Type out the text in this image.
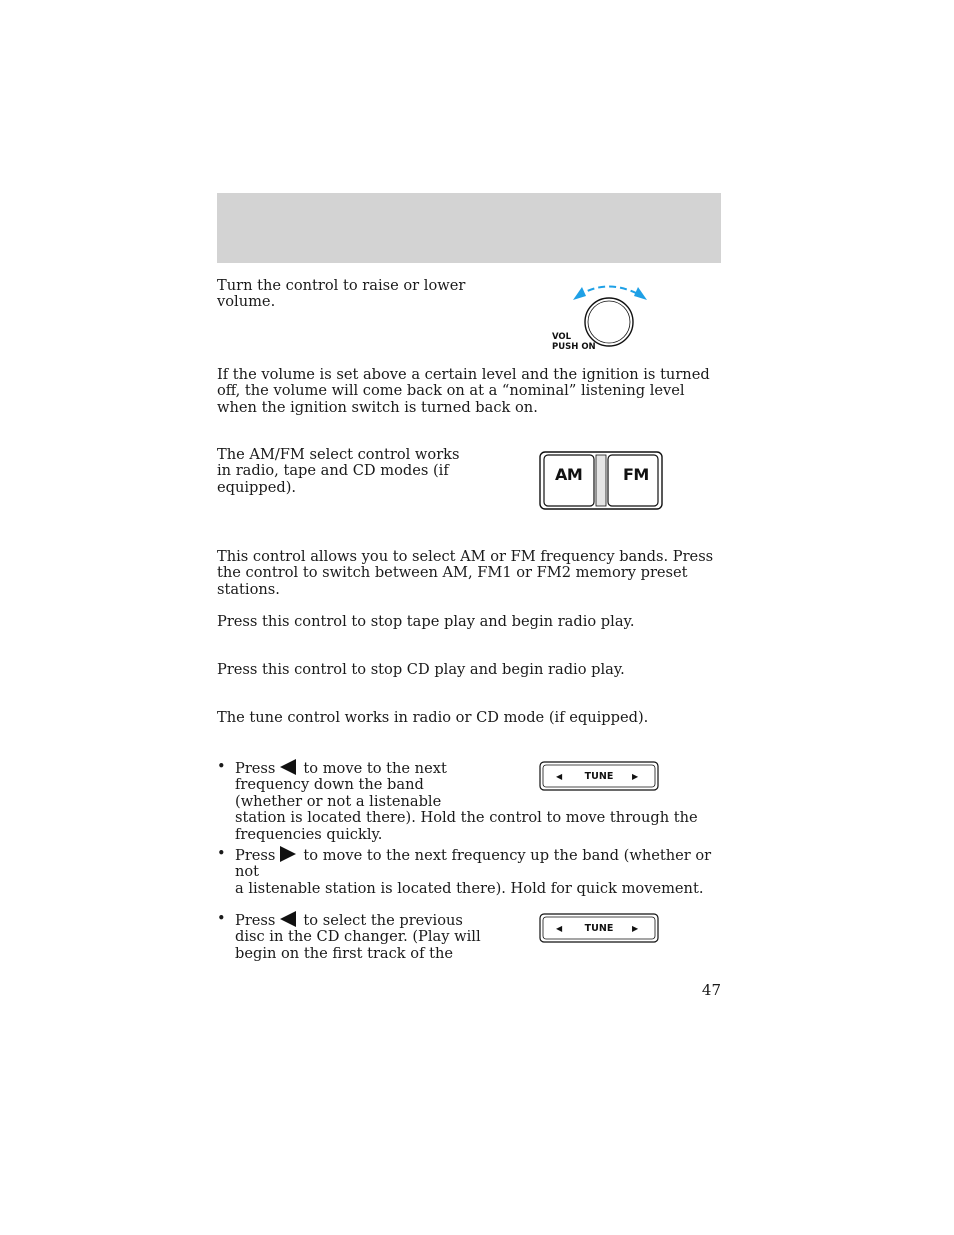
Turn the control to raise or lower volume.

VOL
PUSH ON

If the volume is set above a certain level and the ignition is turned off, the volume will come back on at a “nominal” listening level when the ignition switch is turned back on.

The AM/FM select control works in radio, tape and CD modes (if equipped).

AM	FM

This control allows you to select AM or FM frequency bands. Press the control to switch between AM, FM1 or FM2 memory preset stations.

Press this control to stop tape play and begin radio play.

Press this control to stop CD play and begin radio play.

The tune control works in radio or CD mode (if equipped).

• Press to move to the next
frequency down the band
(whether or not a listenable
station is located there). Hold the control to move through the
frequencies quickly.
◀	TUNE	▶
• Press to move to the next frequency up the band (whether or not
a listenable station is located there). Hold for quick movement.
• Press to select the previous
disc in the CD changer. (Play will
begin on the first track of the
◀	TUNE	▶
47
